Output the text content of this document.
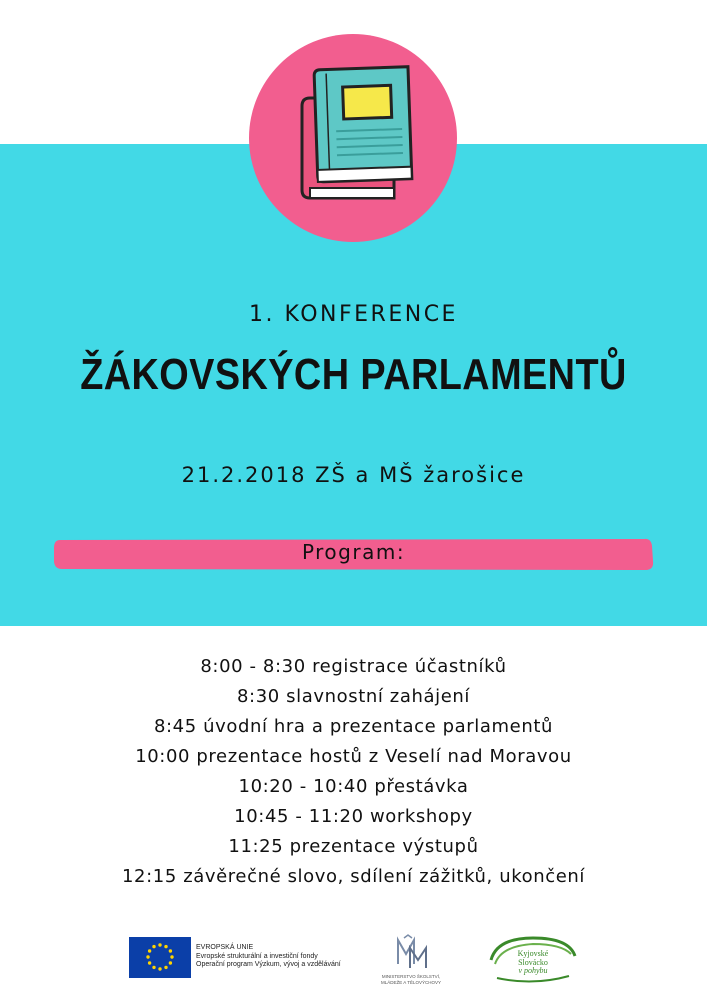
1. KONFERENCE
ŽÁKOVSKÝCH PARLAMENTŮ
21.2.2018 ZŠ a MŠ žarošice
Program:
8:00 - 8:30 registrace účastníků
8:30 slavnostní zahájení
8:45 úvodní hra a prezentace parlamentů
10:00 prezentace hostů z Veselí nad Moravou
10:20 - 10:40 přestávka
10:45 - 11:20 workshopy
11:25 prezentace výstupů
12:15 závěrečné slovo, sdílení zážitků, ukončení
EVROPSKÁ UNIE
Evropské strukturální a investiční fondy
Operační program Výzkum, vývoj a vzdělávání
MINISTERSTVO ŠKOLSTVÍ,
MLÁDEŽE A TĚLOVÝCHOVY
Kyjovské
Slovácko
v pohybu
